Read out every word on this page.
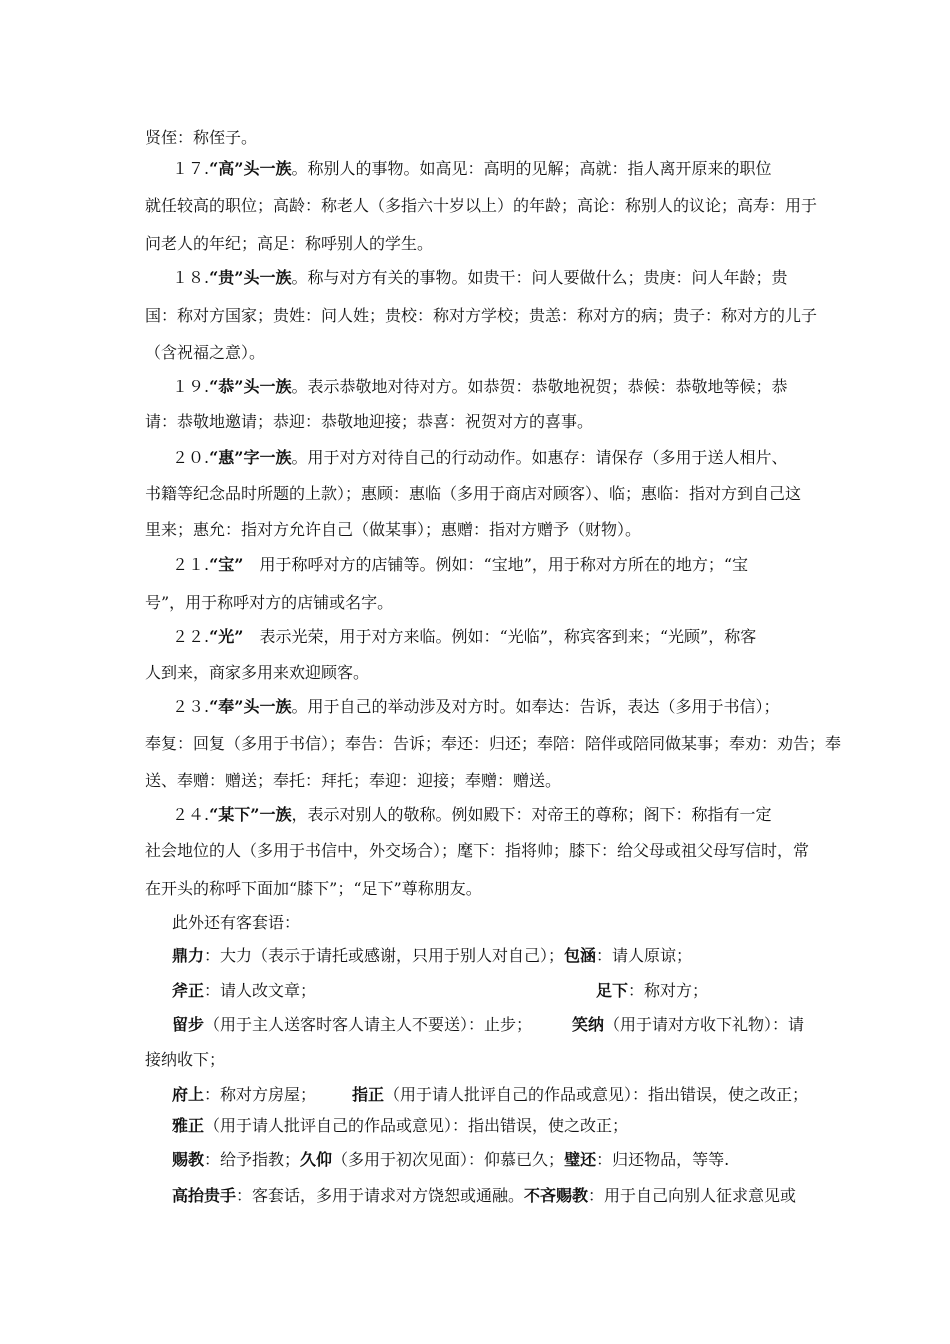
贤侄：称侄子。
１７.“高”头一族。称别人的事物。如高见：高明的见解；高就：指人离开原来的职位
就任较高的职位；高龄：称老人（多指六十岁以上）的年龄；高论：称别人的议论；高寿：用于
问老人的年纪；高足：称呼别人的学生。
１８.“贵”头一族。称与对方有关的事物。如贵干：问人要做什么；贵庚：问人年龄；贵
国：称对方国家；贵姓：问人姓；贵校：称对方学校；贵恙：称对方的病；贵子：称对方的儿子
（含祝福之意）。
１９.“恭”头一族。表示恭敬地对待对方。如恭贺：恭敬地祝贺；恭候：恭敬地等候；恭
请：恭敬地邀请；恭迎：恭敬地迎接；恭喜：祝贺对方的喜事。
２０.“惠”字一族。用于对方对待自己的行动动作。如惠存：请保存（多用于送人相片、
书籍等纪念品时所题的上款）；惠顾：惠临（多用于商店对顾客）、临；惠临：指对方到自己这
里来；惠允：指对方允许自己（做某事）；惠赠：指对方赠予（财物）。
２１.“宝”　用于称呼对方的店铺等。例如：“宝地”，用于称对方所在的地方；“宝
号”，用于称呼对方的店铺或名字。
２２.“光”　表示光荣，用于对方来临。例如：“光临”，称宾客到来；“光顾”，称客
人到来，商家多用来欢迎顾客。
２３.“奉”头一族。用于自己的举动涉及对方时。如奉达：告诉，表达（多用于书信）；
奉复：回复（多用于书信）；奉告：告诉；奉还：归还；奉陪：陪伴或陪同做某事；奉劝：劝告；奉
送、奉赠：赠送；奉托：拜托；奉迎：迎接；奉赠：赠送。
２４.“某下”一族，表示对别人的敬称。例如殿下：对帝王的尊称；阁下：称指有一定
社会地位的人（多用于书信中，外交场合）；麾下：指将帅；膝下：给父母或祖父母写信时，常
在开头的称呼下面加“膝下”；“足下”尊称朋友。
此外还有客套语：
鼎力：大力（表示于请托或感谢，只用于别人对自己）；包涵：请人原谅；
斧正：请人改文章；	足下：称对方；
留步（用于主人送客时客人请主人不要送）：止步； 笑纳（用于请对方收下礼物）：请
接纳收下；
府上：称对方房屋； 指正（用于请人批评自己的作品或意见）：指出错误，使之改正；
雅正（用于请人批评自己的作品或意见）：指出错误，使之改正；
赐教：给予指教；久仰（多用于初次见面）：仰慕已久；璧还：归还物品，等等.
高抬贵手：客套话，多用于请求对方饶恕或通融。不吝赐教：用于自己向别人征求意见或
